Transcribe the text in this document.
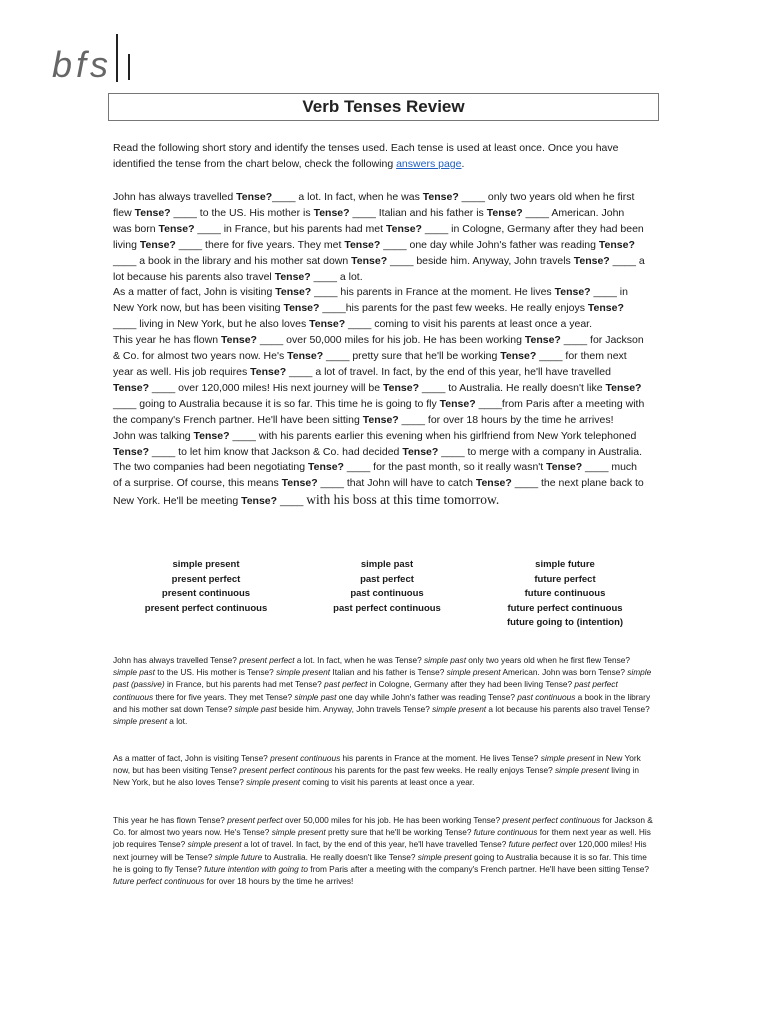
bfs
Verb Tenses Review
Read the following short story and identify the tenses used. Each tense is used at least once. Once you have identified the tense from the chart below, check the following answers page.

John has always travelled Tense?____ a lot. In fact, when he was Tense? ____ only two years old when he first flew Tense? ____ to the US. His mother is Tense? ____ Italian and his father is Tense? ____ American. John was born Tense? ____ in France, but his parents had met Tense? ____ in Cologne, Germany after they had been living Tense? ____ there for five years. They met Tense? ____ one day while John's father was reading Tense? ____ a book in the library and his mother sat down Tense? ____ beside him. Anyway, John travels Tense? ____ a lot because his parents also travel Tense? ____ a lot.

As a matter of fact, John is visiting Tense? ____ his parents in France at the moment. He lives Tense? ____ in New York now, but has been visiting Tense? ____his parents for the past few weeks. He really enjoys Tense? ____ living in New York, but he also loves Tense? ____ coming to visit his parents at least once a year.

This year he has flown Tense? ____ over 50,000 miles for his job. He has been working Tense? ____ for Jackson & Co. for almost two years now. He's Tense? ____ pretty sure that he'll be working Tense? ____ for them next year as well. His job requires Tense? ____ a lot of travel. In fact, by the end of this year, he'll have travelled Tense? ____ over 120,000 miles! His next journey will be Tense? ____ to Australia. He really doesn't like Tense? ____ going to Australia because it is so far. This time he is going to fly Tense? ____from Paris after a meeting with the company's French partner. He'll have been sitting Tense? ____ for over 18 hours by the time he arrives!

John was talking Tense? ____ with his parents earlier this evening when his girlfriend from New York telephoned Tense? ____ to let him know that Jackson & Co. had decided Tense? ____ to merge with a company in Australia. The two companies had been negotiating Tense? ____ for the past month, so it really wasn't Tense? ____ much of a surprise. Of course, this means Tense? ____ that John will have to catch Tense? ____ the next plane back to New York. He'll be meeting Tense? ____ with his boss at this time tomorrow.

simple present
present perfect
present continuous
present perfect continuous
simple past
past perfect
past continuous
past perfect continuous
simple future
future perfect
future continuous
future perfect continuous
future going to (intention)

John has always travelled Tense? present perfect a lot. In fact, when he was Tense? simple past only two years old when he first flew Tense? simple past to the US. His mother is Tense? simple present Italian and his father is Tense? simple present American. John was born Tense? simple past (passive) in France, but his parents had met Tense? past perfect in Cologne, Germany after they had been living Tense? past perfect continuous there for five years. They met Tense? simple past one day while John's father was reading Tense? past continuous a book in the library and his mother sat down Tense? simple past beside him. Anyway, John travels Tense? simple present a lot because his parents also travel Tense? simple present a lot.

As a matter of fact, John is visiting Tense? present continuous his parents in France at the moment. He lives Tense? simple present in New York now, but has been visiting Tense? present perfect continous his parents for the past few weeks. He really enjoys Tense? simple present living in New York, but he also loves Tense? simple present coming to visit his parents at least once a year.

This year he has flown Tense? present perfect over 50,000 miles for his job. He has been working Tense? present perfect continuous for Jackson & Co. for almost two years now. He's Tense? simple present pretty sure that he'll be working Tense? future continuous for them next year as well. His job requires Tense? simple present a lot of travel. In fact, by the end of this year, he'll have travelled Tense? future perfect over 120,000 miles! His next journey will be Tense? simple future to Australia. He really doesn't like Tense? simple present going to Australia because it is so far. This time he is going to fly Tense? future intention with going to from Paris after a meeting with the company's French partner. He'll have been sitting Tense? future perfect continuous for over 18 hours by the time he arrives!
